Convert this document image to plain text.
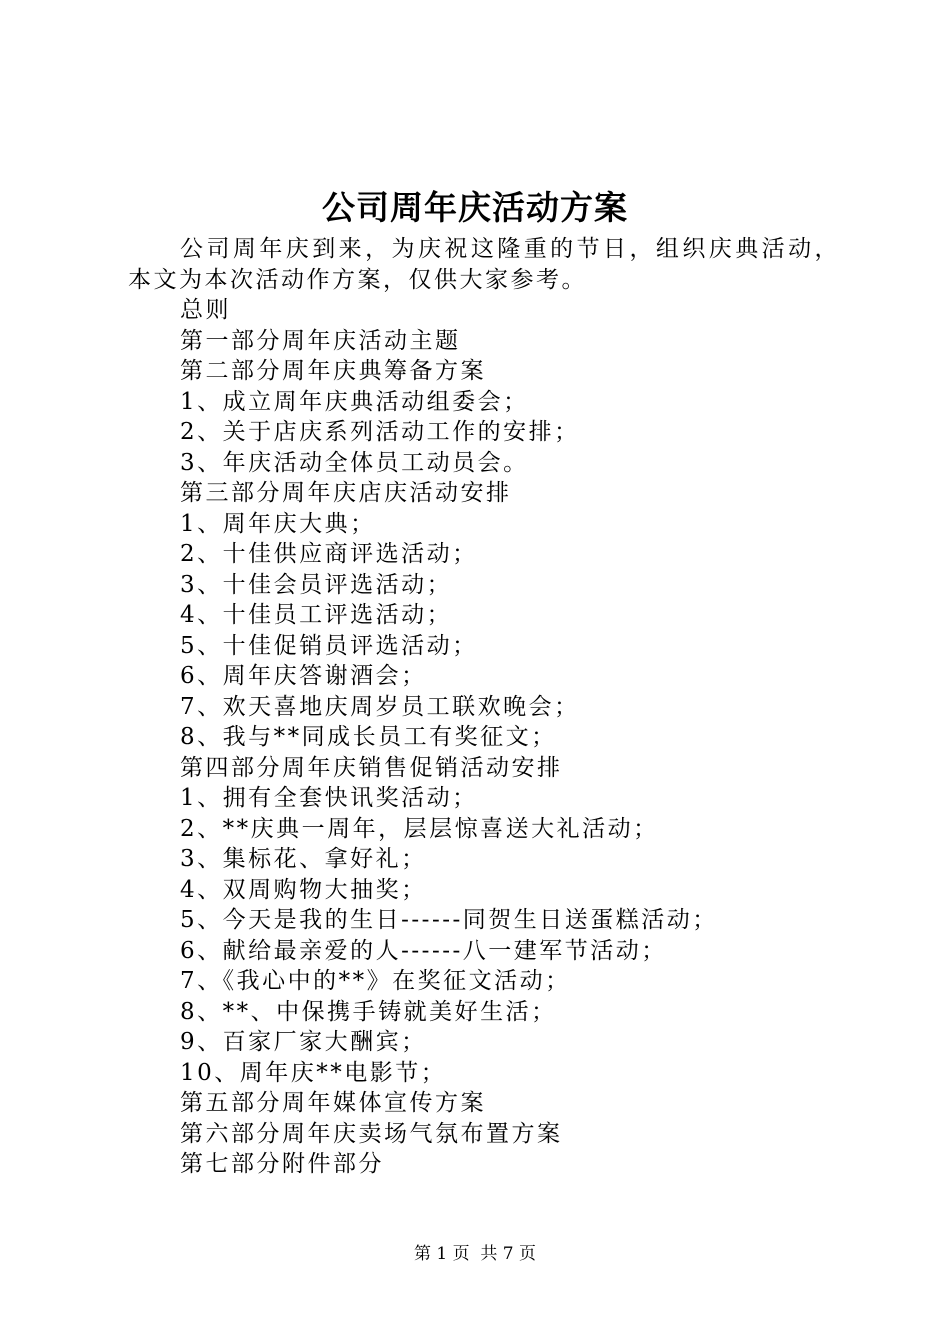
公司周年庆活动方案

公司周年庆到来，为庆祝这隆重的节日，组织庆典活动，本文为本次活动作方案，仅供大家参考。

总则
第一部分周年庆活动主题
第二部分周年庆典筹备方案
1、成立周年庆典活动组委会；
2、关于店庆系列活动工作的安排；
3、年庆活动全体员工动员会。
第三部分周年庆店庆活动安排
1、周年庆大典；
2、十佳供应商评选活动；
3、十佳会员评选活动；
4、十佳员工评选活动；
5、十佳促销员评选活动；
6、周年庆答谢酒会；
7、欢天喜地庆周岁员工联欢晚会；
8、我与**同成长员工有奖征文；
第四部分周年庆销售促销活动安排
1、拥有全套快讯奖活动；
2、**庆典一周年，层层惊喜送大礼活动；
3、集标花、拿好礼；
4、双周购物大抽奖；
5、今天是我的生日------同贺生日送蛋糕活动；
6、献给最亲爱的人------八一建军节活动；
7、《我心中的**》在奖征文活动；
8、**、中保携手铸就美好生活；
9、百家厂家大酬宾；
10、周年庆**电影节；
第五部分周年媒体宣传方案
第六部分周年庆卖场气氛布置方案
第七部分附件部分
第 1 页  共 7 页
